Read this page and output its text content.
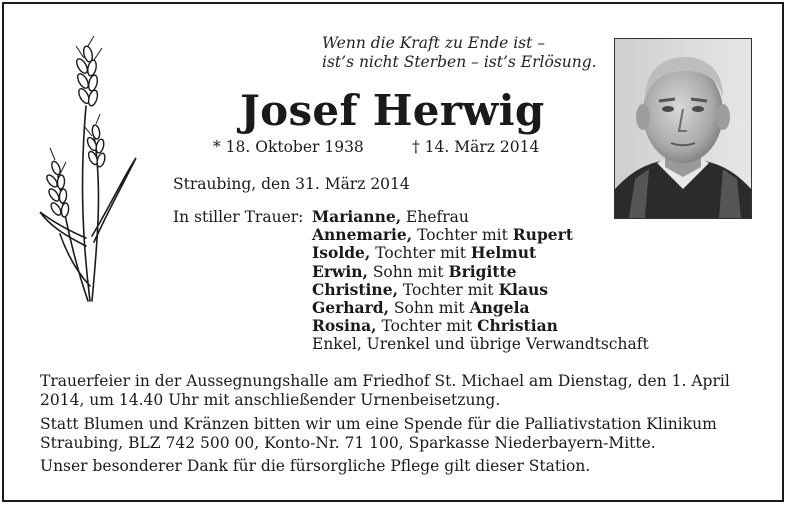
Wenn die Kraft zu Ende ist –
ist’s nicht Sterben – ist’s Erlösung.
Josef Herwig
* 18. Oktober 1938	† 14. März 2014
Straubing, den 31. März 2014
In stiller Trauer: Marianne, Ehefrau
Annemarie, Tochter mit Rupert
Isolde, Tochter mit Helmut
Erwin, Sohn mit Brigitte
Christine, Tochter mit Klaus
Gerhard, Sohn mit Angela
Rosina, Tochter mit Christian
Enkel, Urenkel und übrige Verwandtschaft
Trauerfeier in der Aussegnungshalle am Friedhof St. Michael am Dienstag, den 1. April 2014, um 14.40 Uhr mit anschließender Urnenbeisetzung.
Statt Blumen und Kränzen bitten wir um eine Spende für die Palliativstation Klinikum Straubing, BLZ 742 500 00, Konto-Nr. 71 100, Sparkasse Niederbayern-Mitte.
Unser besonderer Dank für die fürsorgliche Pflege gilt dieser Station.
